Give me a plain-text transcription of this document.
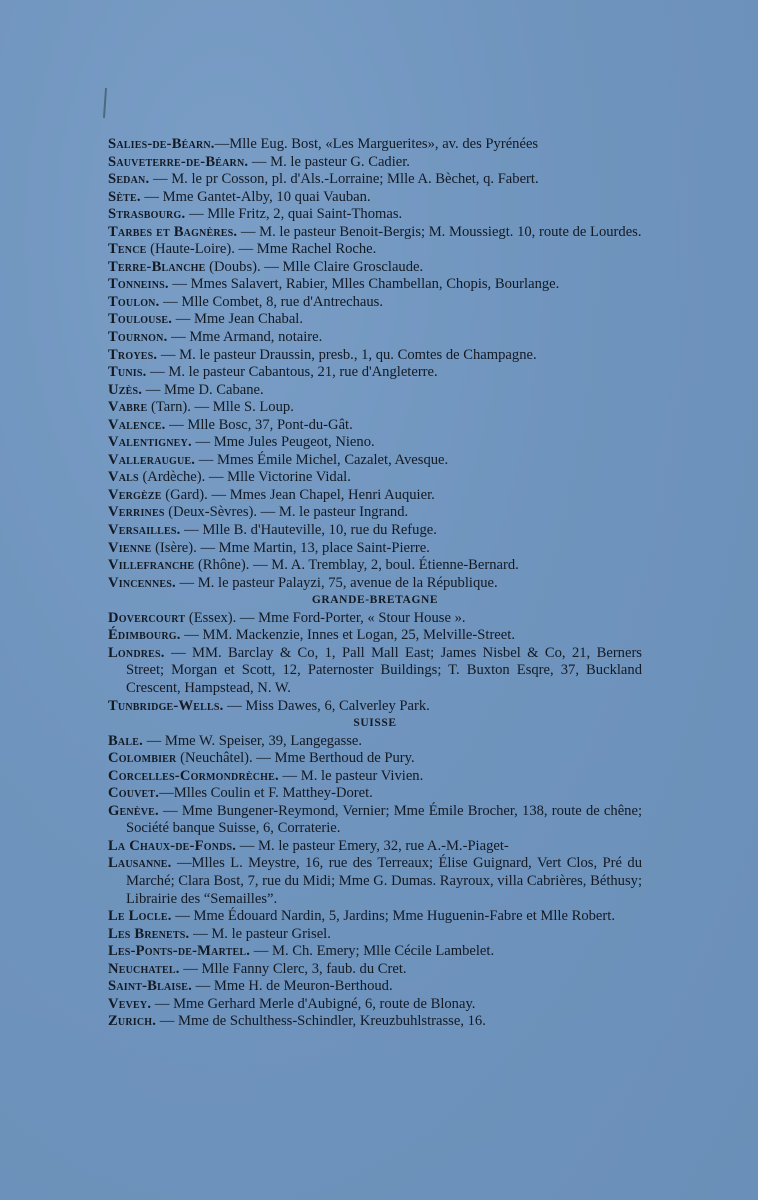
Salies-de-Béarn.—Mlle Eug. Bost, «Les Marguerites», av. des Pyrénées
Sauveterre-de-Béarn. — M. le pasteur G. Cadier.
Sedan. — M. le pr Cosson, pl. d'Als.-Lorraine; Mlle A. Bèchet, q. Fabert.
Sète. — Mme Gantet-Alby, 10 quai Vauban.
Strasbourg. — Mlle Fritz, 2, quai Saint-Thomas.
Tarbes et Bagnères. — M. le pasteur Benoit-Bergis; M. Moussiegt. 10, route de Lourdes.
Tence (Haute-Loire). — Mme Rachel Roche.
Terre-Blanche (Doubs). — Mlle Claire Grosclaude.
Tonneins. — Mmes Salavert, Rabier, Mlles Chambellan, Chopis, Bourlange.
Toulon. — Mlle Combet, 8, rue d'Antrechaus.
Toulouse. — Mme Jean Chabal.
Tournon. — Mme Armand, notaire.
Troyes. — M. le pasteur Draussin, presb., 1, qu. Comtes de Champagne.
Tunis. — M. le pasteur Cabantous, 21, rue d'Angleterre.
Uzès. — Mme D. Cabane.
Vabre (Tarn). — Mlle S. Loup.
Valence. — Mlle Bosc, 37, Pont-du-Gât.
Valentigney. — Mme Jules Peugeot, Nieno.
Valleraugue. — Mmes Émile Michel, Cazalet, Avesque.
Vals (Ardèche). — Mlle Victorine Vidal.
Vergèze (Gard). — Mmes Jean Chapel, Henri Auquier.
Verrines (Deux-Sèvres). — M. le pasteur Ingrand.
Versailles. — Mlle B. d'Hauteville, 10, rue du Refuge.
Vienne (Isère). — Mme Martin, 13, place Saint-Pierre.
Villefranche (Rhône). — M. A. Tremblay, 2, boul. Étienne-Bernard.
Vincennes. — M. le pasteur Palayzi, 75, avenue de la République.
GRANDE-BRETAGNE
Dovercourt (Essex). — Mme Ford-Porter, « Stour House ».
Édimbourg. — MM. Mackenzie, Innes et Logan, 25, Melville-Street.
Londres. — MM. Barclay & Co, 1, Pall Mall East; James Nisbel & Co, 21, Berners Street; Morgan et Scott, 12, Paternoster Buildings; T. Buxton Esqre, 37, Buckland Crescent, Hampstead, N. W.
Tunbridge-Wells. — Miss Dawes, 6, Calverley Park.
SUISSE
Bale. — Mme W. Speiser, 39, Langegasse.
Colombier (Neuchâtel). — Mme Berthoud de Pury.
Corcelles-Cormondrèche. — M. le pasteur Vivien.
Couvet.—Mlles Coulin et F. Matthey-Doret.
Genève. — Mme Bungener-Reymond, Vernier; Mme Émile Brocher, 138, route de chêne; Société banque Suisse, 6, Corraterie.
La Chaux-de-Fonds. — M. le pasteur Emery, 32, rue A.-M.-Piaget-
Lausanne. —Mlles L. Meystre, 16, rue des Terreaux; Élise Guignard, Vert Clos, Pré du Marché; Clara Bost, 7, rue du Midi; Mme G. Dumas. Rayroux, villa Cabrières, Béthusy; Librairie des “Semailles”.
Le Locle. — Mme Édouard Nardin, 5, Jardins; Mme Huguenin-Fabre et Mlle Robert.
Les Brenets. — M. le pasteur Grisel.
Les-Ponts-de-Martel. — M. Ch. Emery; Mlle Cécile Lambelet.
Neuchatel. — Mlle Fanny Clerc, 3, faub. du Cret.
Saint-Blaise. — Mme H. de Meuron-Berthoud.
Vevey. — Mme Gerhard Merle d'Aubigné, 6, route de Blonay.
Zurich. — Mme de Schulthess-Schindler, Kreuzbuhlstrasse, 16.
